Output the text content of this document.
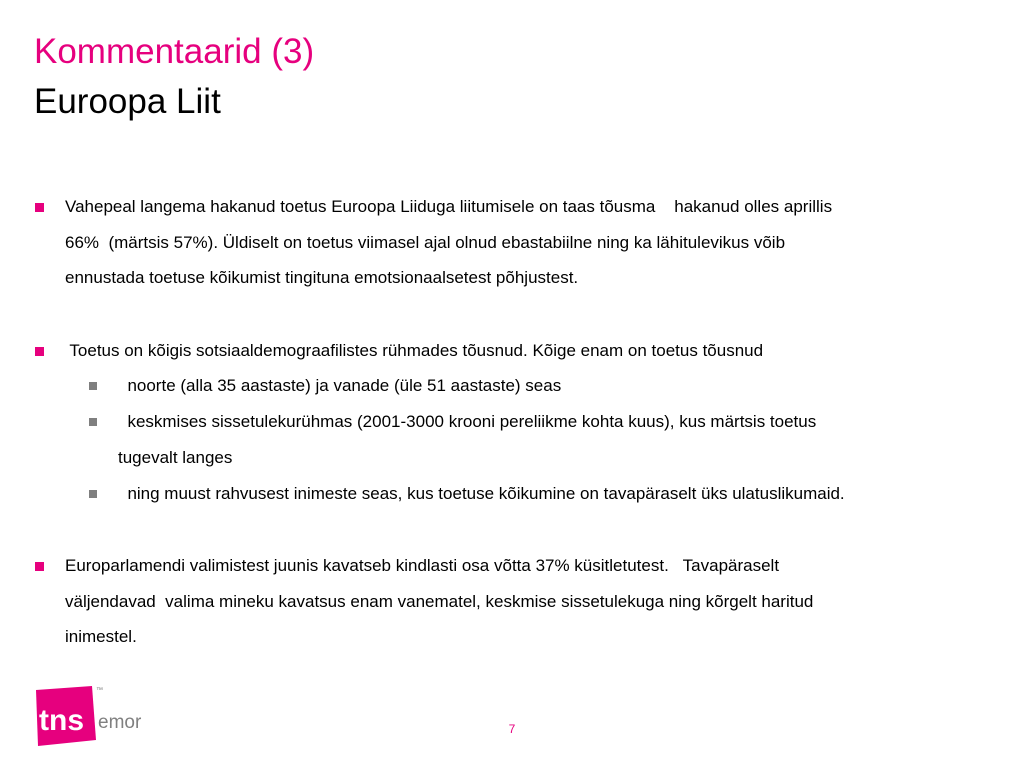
Kommentaarid (3)
Euroopa Liit
Vahepeal langema hakanud toetus Euroopa Liiduga liitumisele on taas tõusma    hakanud olles aprillis
66%  (märtsis 57%). Üldiselt on toetus viimasel ajal olnud ebastabiilne ning ka lähitulevikus võib
ennustada toetuse kõikumist tingituna emotsionaalsetest põhjustest.
Toetus on kõigis sotsiaaldemograafilistes rühmades tõusnud. Kõige enam on toetus tõusnud
noorte (alla 35 aastaste) ja vanade (üle 51 aastaste) seas
keskmises sissetulekurühmas (2001-3000 krooni pereliikme kohta kuus), kus märtsis toetus
tugevalt langes
ning muust rahvusest inimeste seas, kus toetuse kõikumine on tavapäraselt üks ulatuslikumaid.
Europarlamendi valimistest juunis kavatseb kindlasti osa võtta 37% küsitletutest.   Tavapäraselt
väljendavad  valima mineku kavatsus enam vanematel, keskmise sissetulekuga ning kõrgelt haritud
inimestel.
tns
™
emor	7
